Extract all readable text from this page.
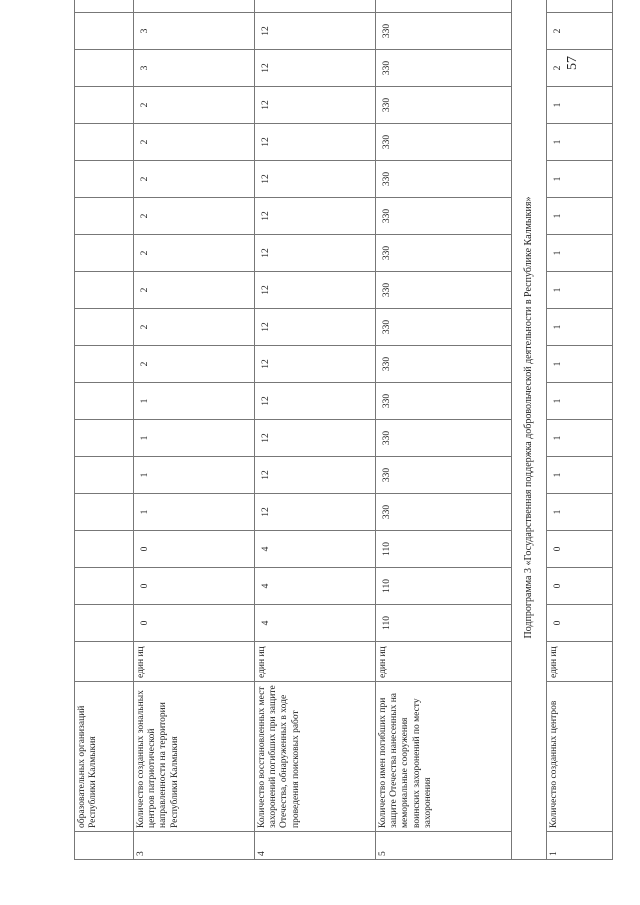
	образовательных организаций Республики Калмыкия																			
3	Количество созданных зональных центров патриотической направленности на территории Республики Калмыкия	един иц	0	0	0	1	1	1	1	2	2	2	2	2	2	2	2	3	3	
4	Количество восстановленных мест захоронений погибших при защите Отечества, обнаруженных в ходе проведения поисковых работ	един иц	4	4	4	12	12	12	12	12	12	12	12	12	12	12	12	12	12	
5	Количество имен погибших при защите Отечества нанесенных на мемориальные сооружения воинских захоронений по месту захоронения	един иц	110	110	110	330	330	330	330	330	330	330	330	330	330	330	330	330	330	
Подпрограмма 3 «Государственная поддержка добровольческой деятельности в Республике Калмыкия»																				
1	Количество созданных центров	един иц	0	0	0	1	1	1	1	1	1	1	1	1	1	1	1	2	2	
57
